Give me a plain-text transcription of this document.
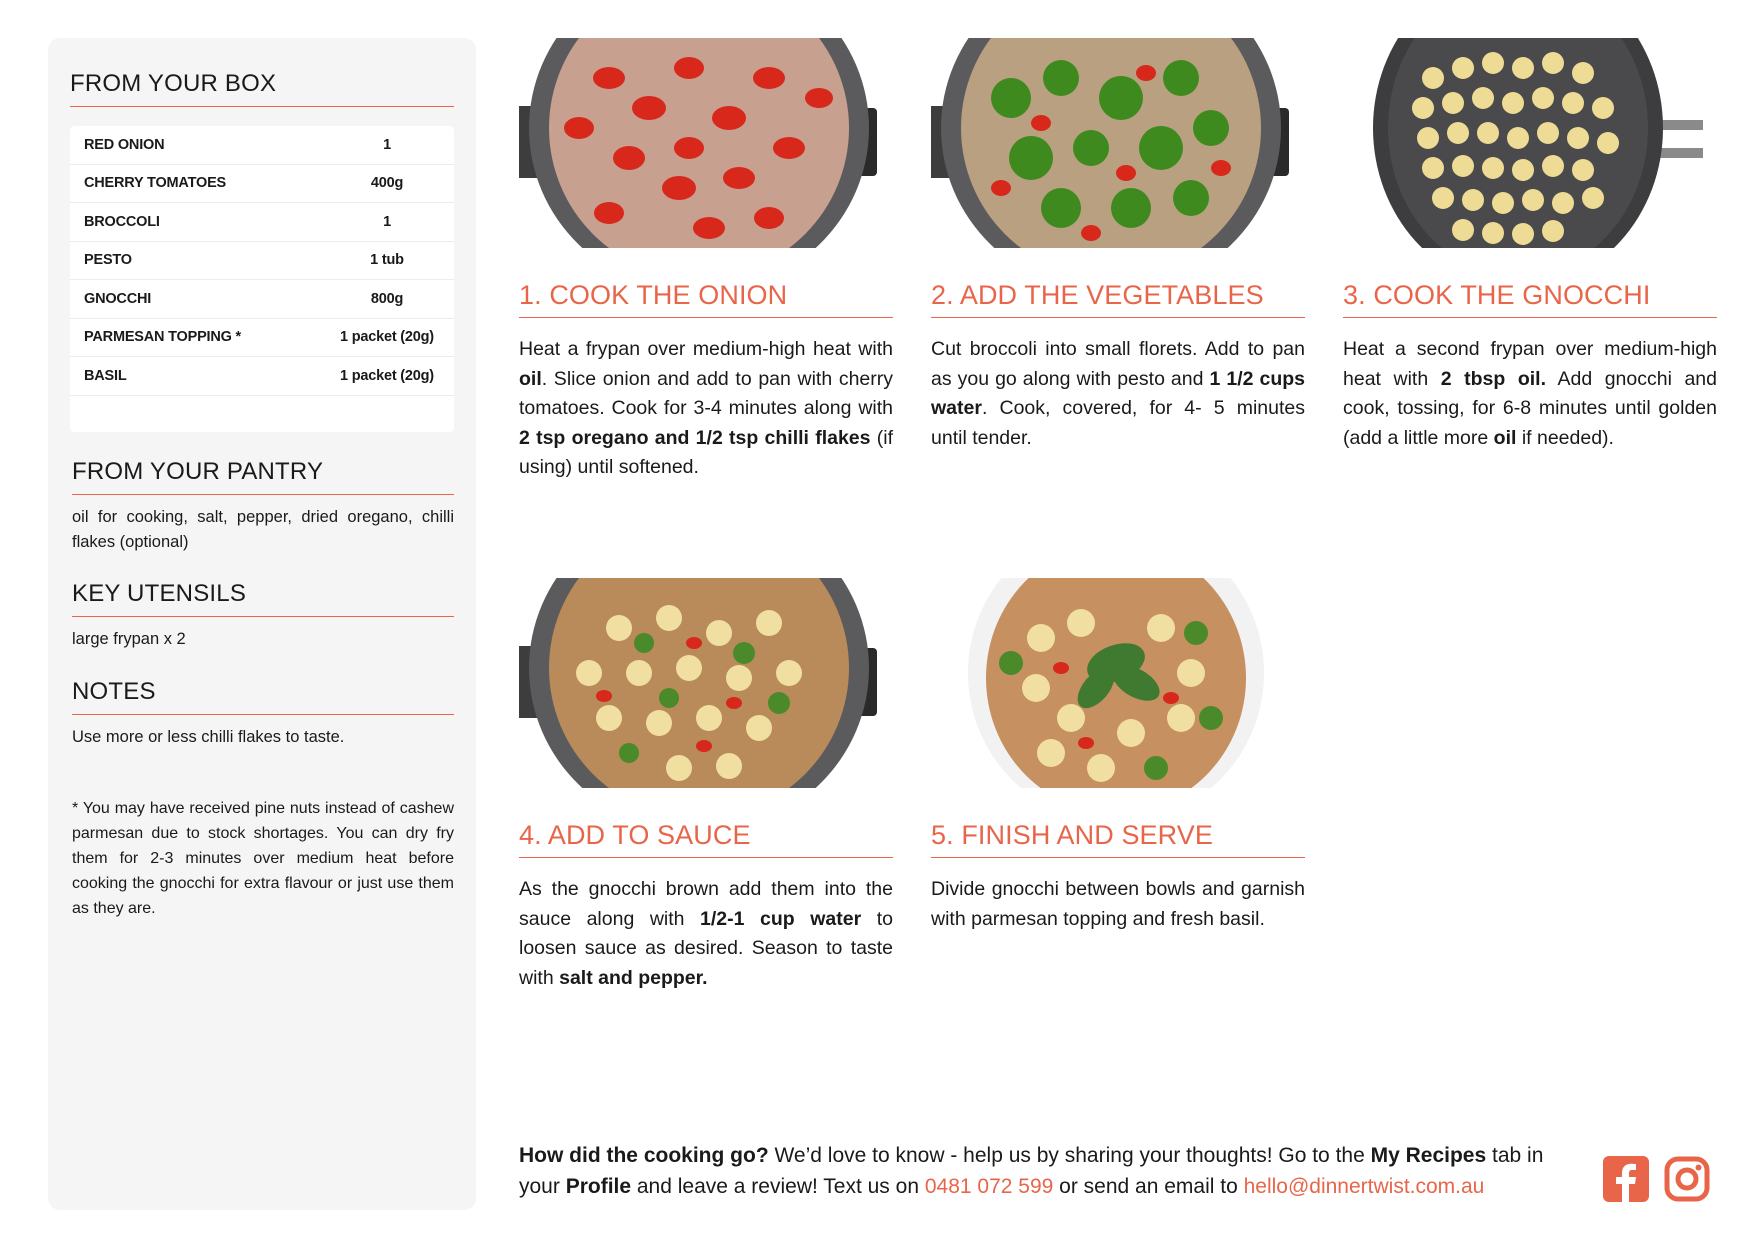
FROM YOUR BOX
RED ONION	1
CHERRY TOMATOES	400g
BROCCOLI	1
PESTO	1 tub
GNOCCHI	800g
PARMESAN TOPPING *	1 packet (20g)
BASIL	1 packet (20g)
FROM YOUR PANTRY
oil for cooking, salt, pepper, dried oregano, chilli flakes (optional)
KEY UTENSILS
large frypan x 2
NOTES
Use more or less chilli flakes to taste.
* You may have received pine nuts instead of cashew parmesan due to stock shortages. You can dry fry them for 2-3 minutes over medium heat before cooking the gnocchi for extra flavour or just use them as they are.
1. COOK THE ONION
Heat a frypan over medium-high heat with oil. Slice onion and add to pan with cherry tomatoes. Cook for 3-4 minutes along with 2 tsp oregano and 1/2 tsp chilli flakes (if using) until softened.
2. ADD THE VEGETABLES
Cut broccoli into small florets. Add to pan as you go along with pesto and 1 1/2 cups water. Cook, covered, for 4- 5 minutes until tender.
3. COOK THE GNOCCHI
Heat a second frypan over medium-high heat with 2 tbsp oil. Add gnocchi and cook, tossing, for 6-8 minutes until golden (add a little more oil if needed).
4. ADD TO SAUCE
As the gnocchi brown add them into the sauce along with 1/2-1 cup water to loosen sauce as desired. Season to taste with salt and pepper.
5. FINISH AND SERVE
Divide gnocchi between bowls and garnish with parmesan topping and fresh basil.
How did the cooking go? We’d love to know - help us by sharing your thoughts! Go to the My Recipes tab in your Profile and leave a review! Text us on 0481 072 599 or send an email to hello@dinnertwist.com.au
